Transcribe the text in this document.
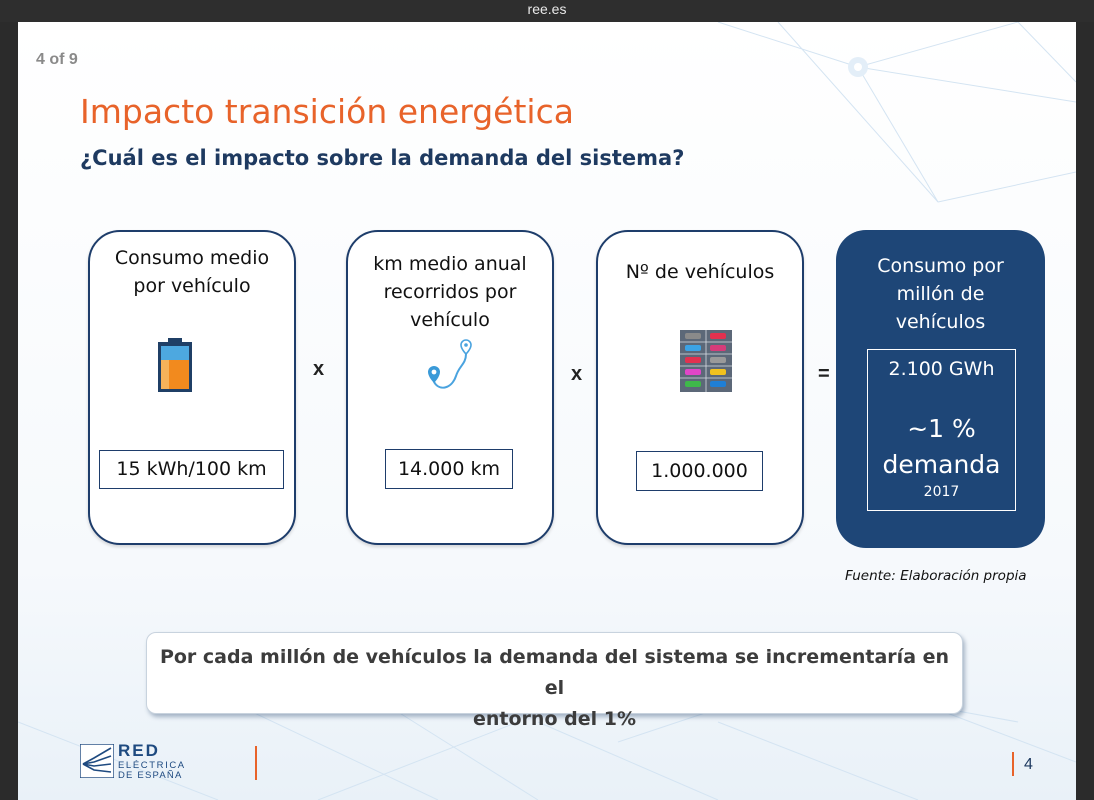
ree.es
4 of 9
Impacto transición energética
¿Cuál es el impacto sobre la demanda del sistema?
Consumo medio
por vehículo
15 kWh/100 km
x
km medio anual
recorridos por
vehículo
14.000 km
x
Nº de vehículos
1.000.000
=
Consumo por
millón de
vehículos
2.100 GWh
~1 %
demanda
2017
Fuente: Elaboración propia
Por cada millón de vehículos la demanda del sistema se incrementaría en el
entorno del 1%
RED
ELÉCTRICA
DE ESPAÑA
4
